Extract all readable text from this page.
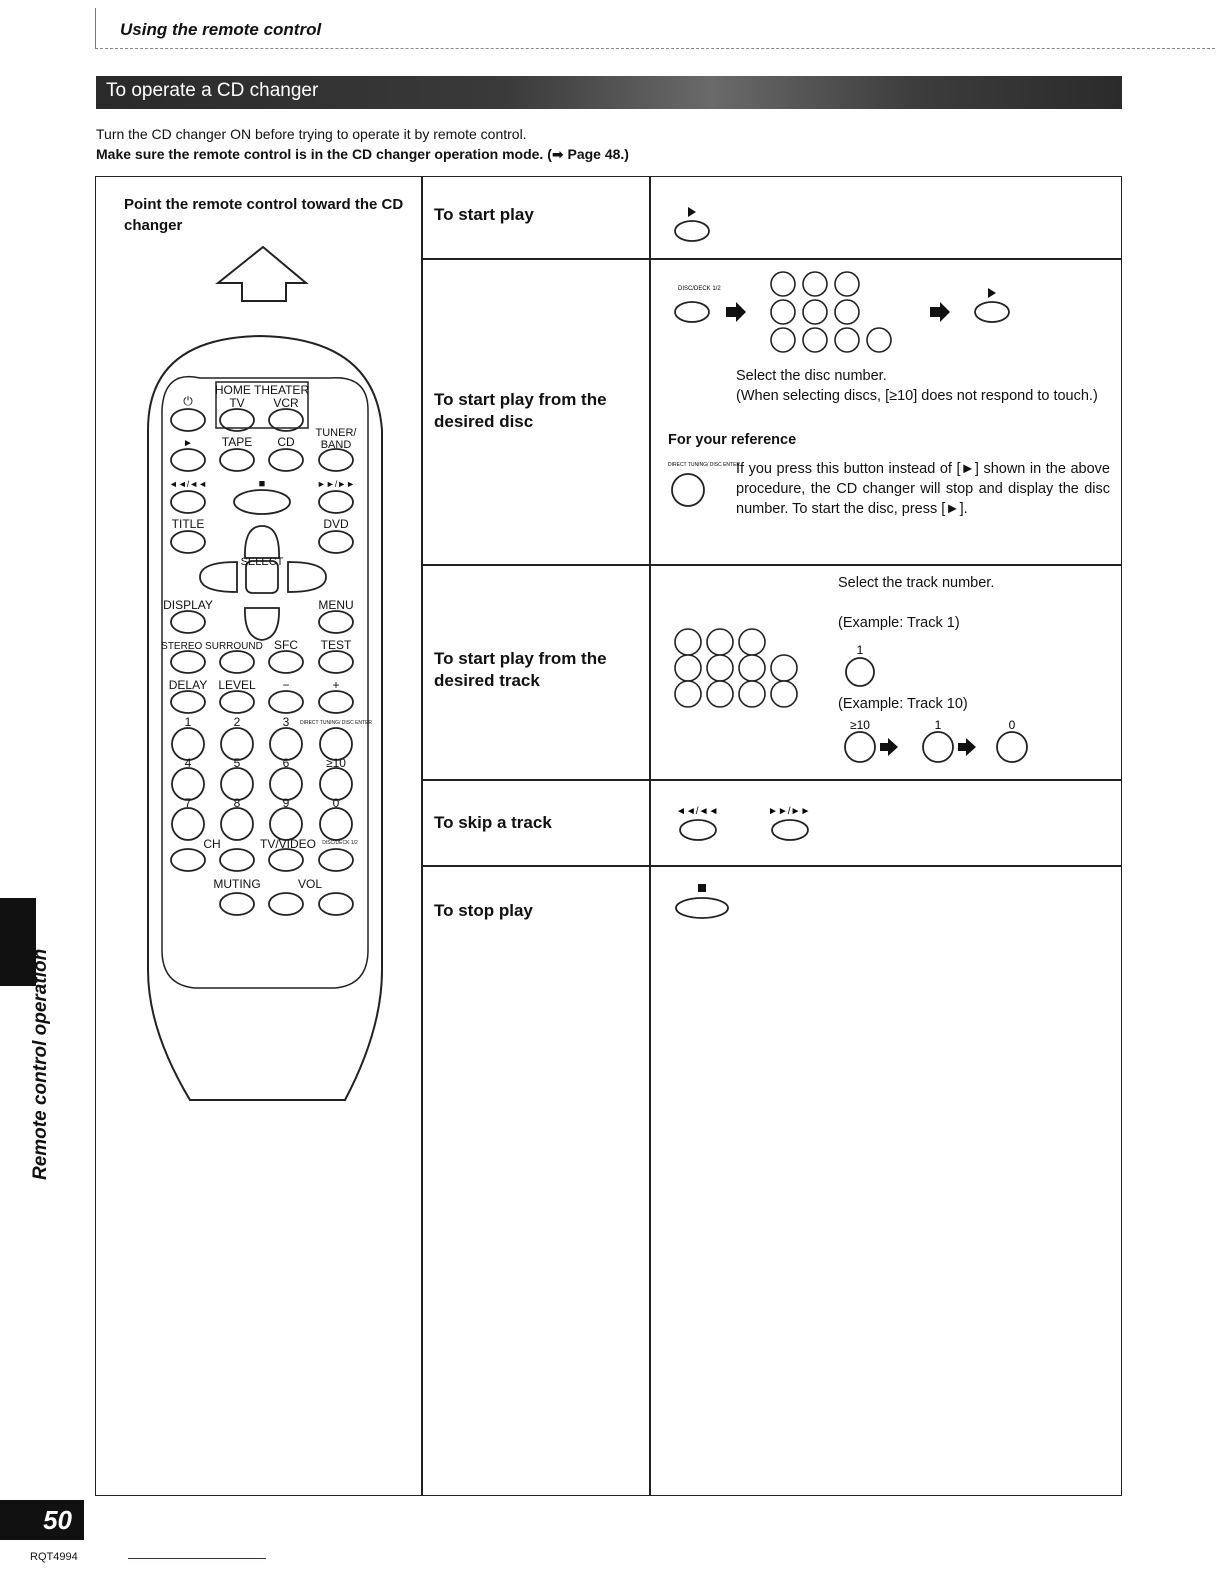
Using the remote control
To operate a CD changer
Turn the CD changer ON before trying to operate it by remote control.
Make sure the remote control is in the CD changer operation mode. (➡ Page 48.)
Point the remote control toward the CD changer
HOME THEATER
⏻	TV VCR
► TAPE CD
TUNER/
BAND
◄◄/◄◄	■	►►/►►
TITLE	DVD
SELECT
DISPLAY	MENU
STEREO SURROUND SFC TEST
DELAY LEVEL −	+
1	2	3 DIRECT TUNING/ DISC ENTER
4	5	6	≥10
7	8	9	0
CH	TV/VIDEO DISC/DECK 1/2
MUTING	VOL
To start play
To start play from the desired disc
DISC/DECK 1/2
Select the disc number.
(When selecting discs, [≥10] does not respond to touch.)
For your reference
DIRECT TUNING/ DISC ENTER
If you press this button instead of [►] shown in the above procedure, the CD changer will stop and display the disc number. To start the disc, press [►].
To start play from the desired track
Select the track number.
(Example: Track 1)
1
(Example: Track 10)
≥10	1	0
To skip a track
◄◄/◄◄	►►/►►
To stop play
Remote control operation
50
RQT4994
